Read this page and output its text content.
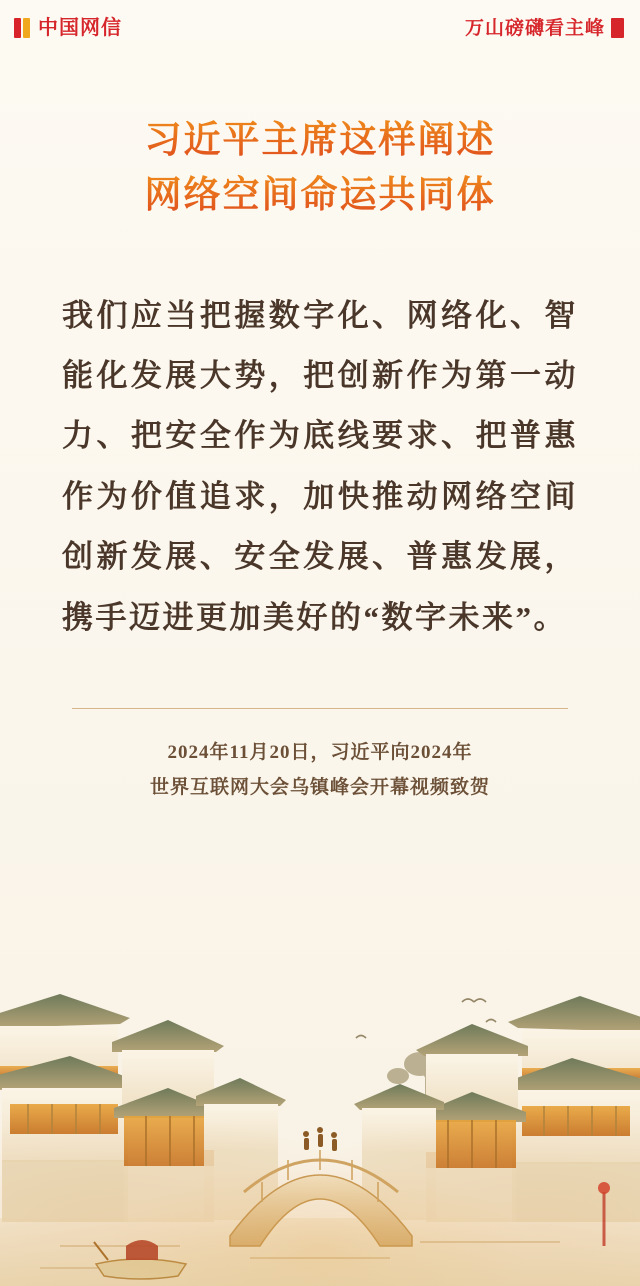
中国网信	万山磅礴看主峰
习近平主席这样阐述
网络空间命运共同体
我们应当把握数字化、网络化、智能化发展大势，把创新作为第一动力、把安全作为底线要求、把普惠作为价值追求，加快推动网络空间创新发展、安全发展、普惠发展，携手迈进更加美好的“数字未来”。
2024年11月20日，习近平向2024年
世界互联网大会乌镇峰会开幕视频致贺
